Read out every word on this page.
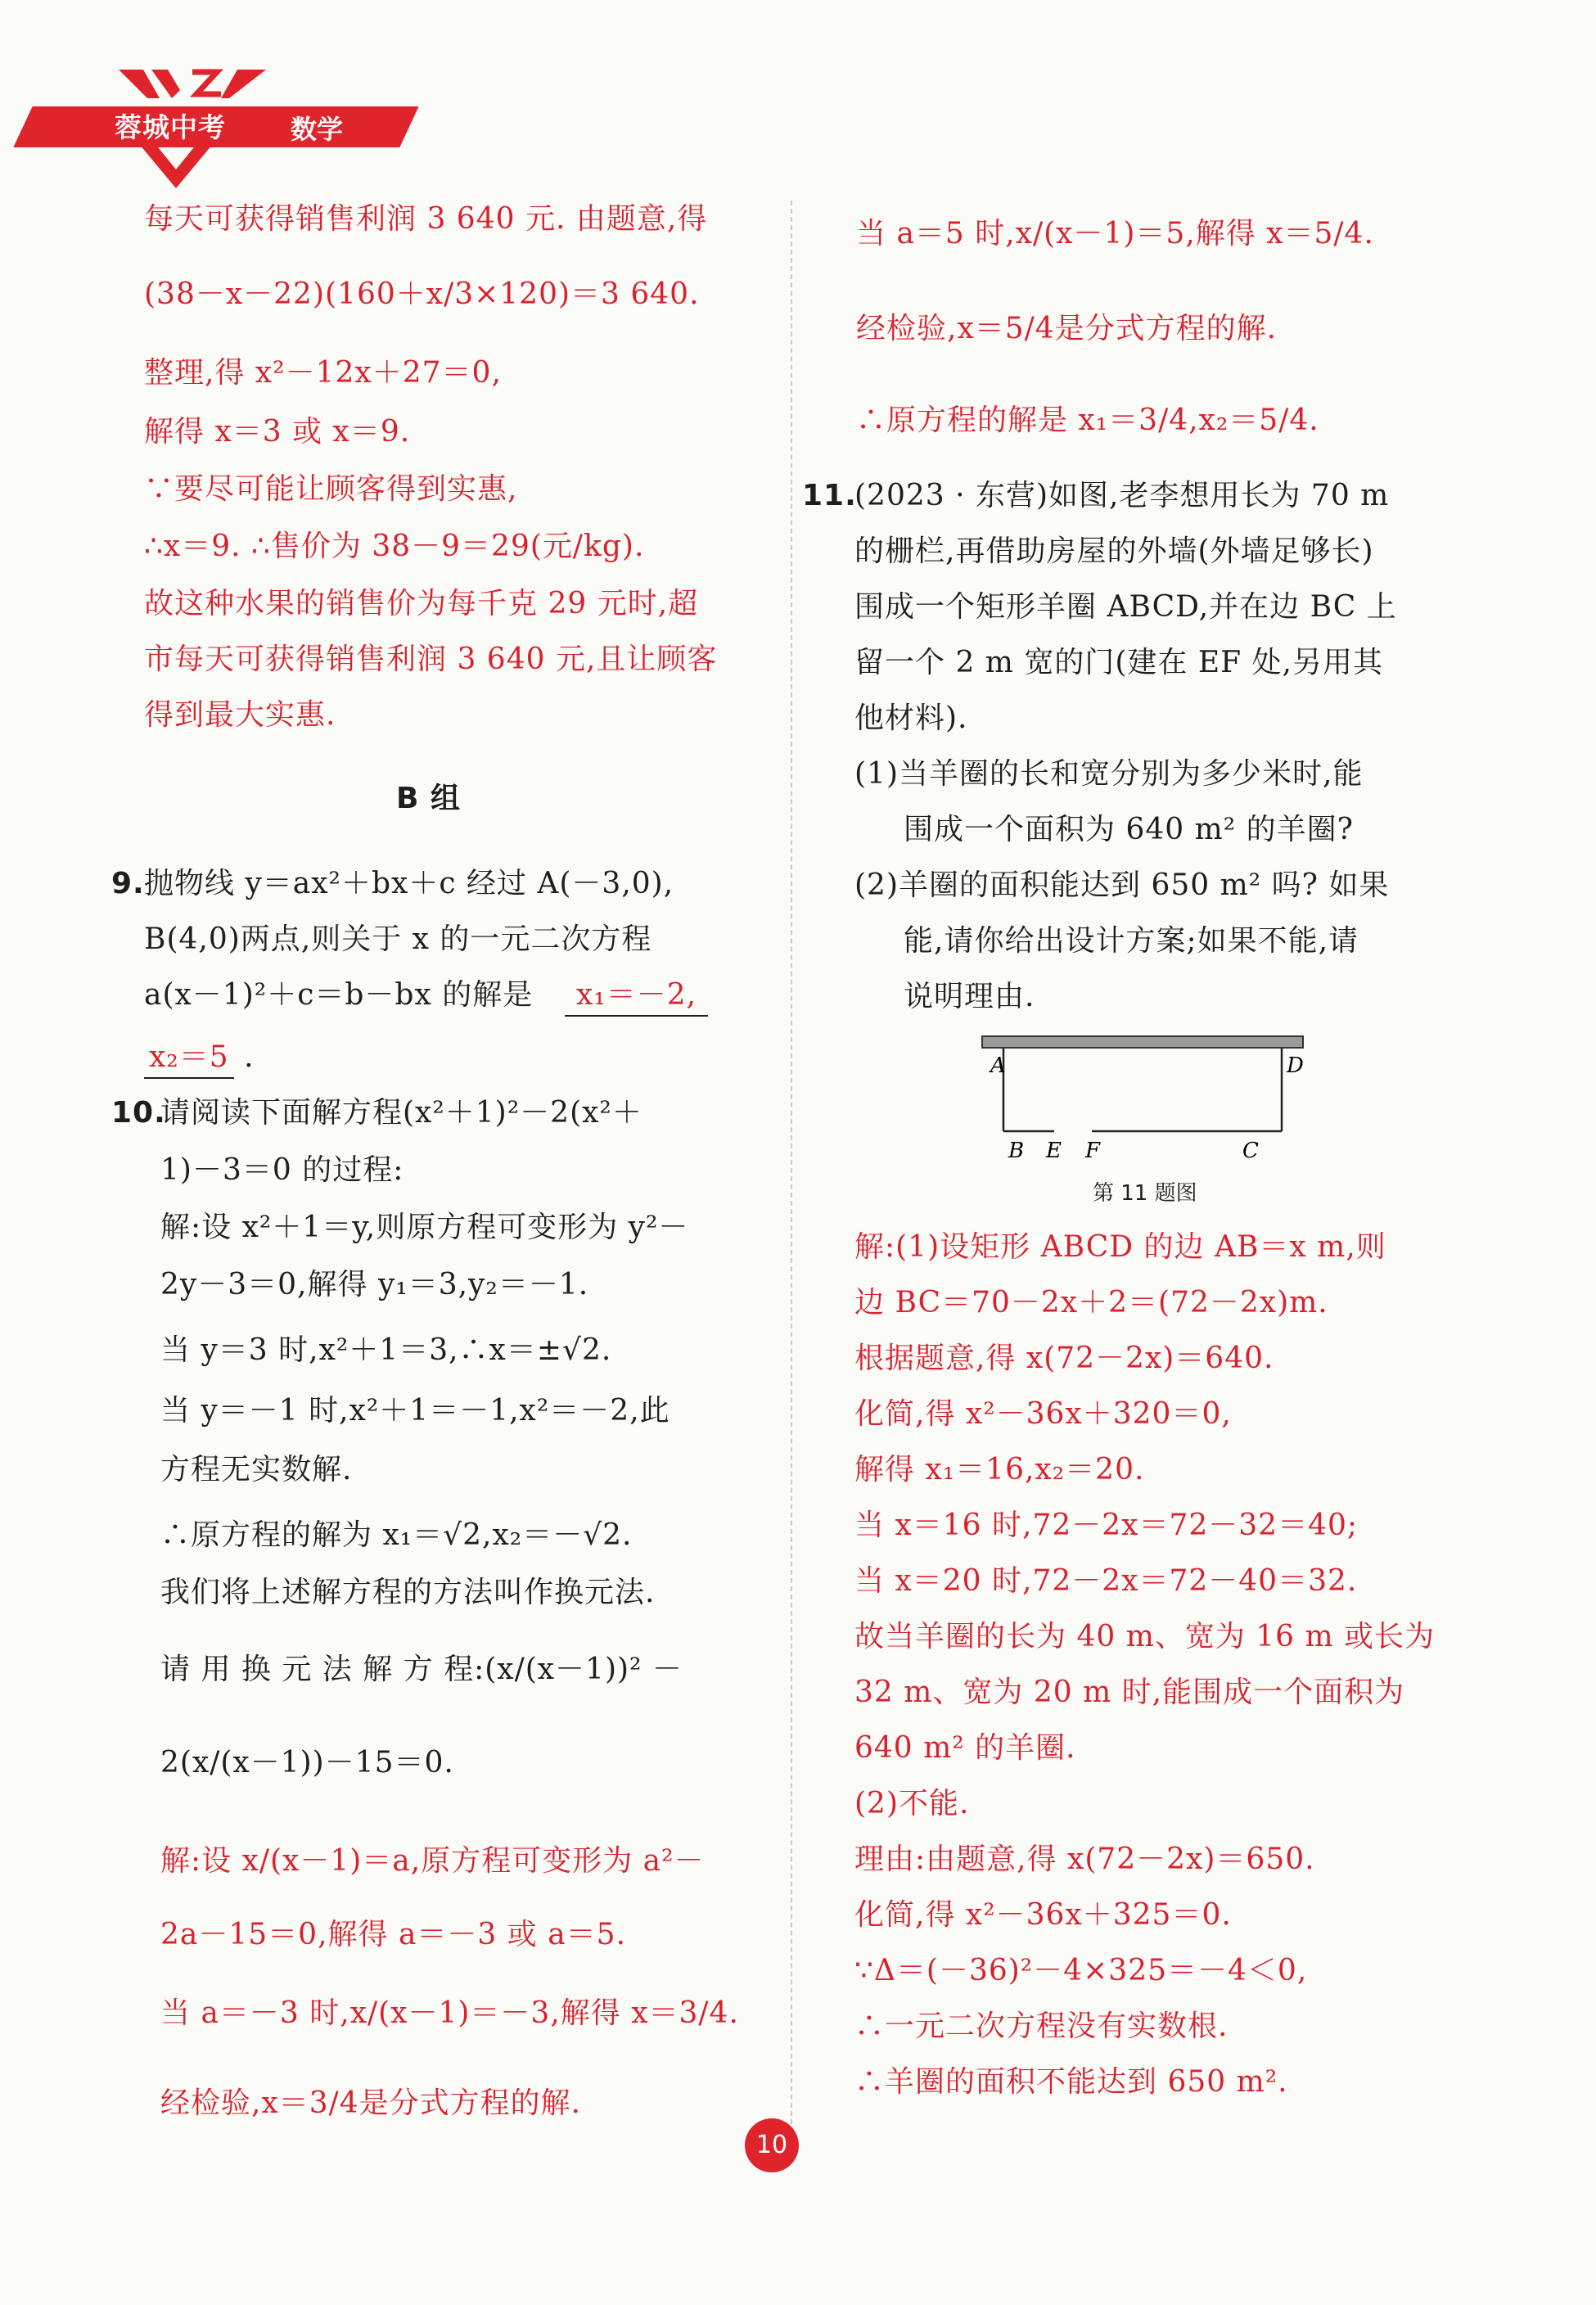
蓉城中考 数学
每天可获得销售利润 3 640 元. 由题意,得
(38－x－22)(160＋x/3×120)＝3 640.
整理,得 x²－12x＋27＝0,
解得 x＝3 或 x＝9.
∵要尽可能让顾客得到实惠,
∴x＝9. ∴售价为 38－9＝29(元/kg).
故这种水果的销售价为每千克 29 元时,超
市每天可获得销售利润 3 640 元,且让顾客
得到最大实惠.
B 组
9. 抛物线 y＝ax²＋bx＋c 经过 A(－3,0),
B(4,0)两点,则关于 x 的一元二次方程
a(x－1)²＋c＝b－bx 的解是	x₁＝－2,
x₂＝5 .
10.
请阅读下面解方程(x²＋1)²－2(x²＋
1)－3＝0 的过程:
解:设 x²＋1＝y,则原方程可变形为 y²－
2y－3＝0,解得 y₁＝3,y₂＝－1.
当 y＝3 时,x²＋1＝3,∴x＝±√2.
当 y＝－1 时,x²＋1＝－1,x²＝－2,此
方程无实数解.
∴原方程的解为 x₁＝√2,x₂＝－√2.
我们将上述解方程的方法叫作换元法.
请 用 换 元 法 解 方 程:(x/(x－1))² －
2(x/(x－1))－15＝0.
解:设 x/(x－1)＝a,原方程可变形为 a²－
2a－15＝0,解得 a＝－3 或 a＝5.
当 a＝－3 时,x/(x－1)＝－3,解得 x＝3/4.
经检验,x＝3/4是分式方程的解.
当 a＝5 时,x/(x－1)＝5,解得 x＝5/4.
经检验,x＝5/4是分式方程的解.
∴原方程的解是 x₁＝3/4,x₂＝5/4.
11.
(2023 · 东营)如图,老李想用长为 70 m
的栅栏,再借助房屋的外墙(外墙足够长)
围成一个矩形羊圈 ABCD,并在边 BC 上
留一个 2 m 宽的门(建在 EF 处,另用其
他材料).
(1)当羊圈的长和宽分别为多少米时,能
围成一个面积为 640 m² 的羊圈?
(2)羊圈的面积能达到 650 m² 吗? 如果
能,请你给出设计方案;如果不能,请
说明理由.
A	D
B E F	C
第 11 题图
解:(1)设矩形 ABCD 的边 AB＝x m,则
边 BC＝70－2x＋2＝(72－2x)m.
根据题意,得 x(72－2x)＝640.
化简,得 x²－36x＋320＝0,
解得 x₁＝16,x₂＝20.
当 x＝16 时,72－2x＝72－32＝40;
当 x＝20 时,72－2x＝72－40＝32.
故当羊圈的长为 40 m、宽为 16 m 或长为
32 m、宽为 20 m 时,能围成一个面积为
640 m² 的羊圈.
(2)不能.
理由:由题意,得 x(72－2x)＝650.
化简,得 x²－36x＋325＝0.
∵Δ＝(－36)²－4×325＝－4＜0,
∴一元二次方程没有实数根.
∴羊圈的面积不能达到 650 m².
10
